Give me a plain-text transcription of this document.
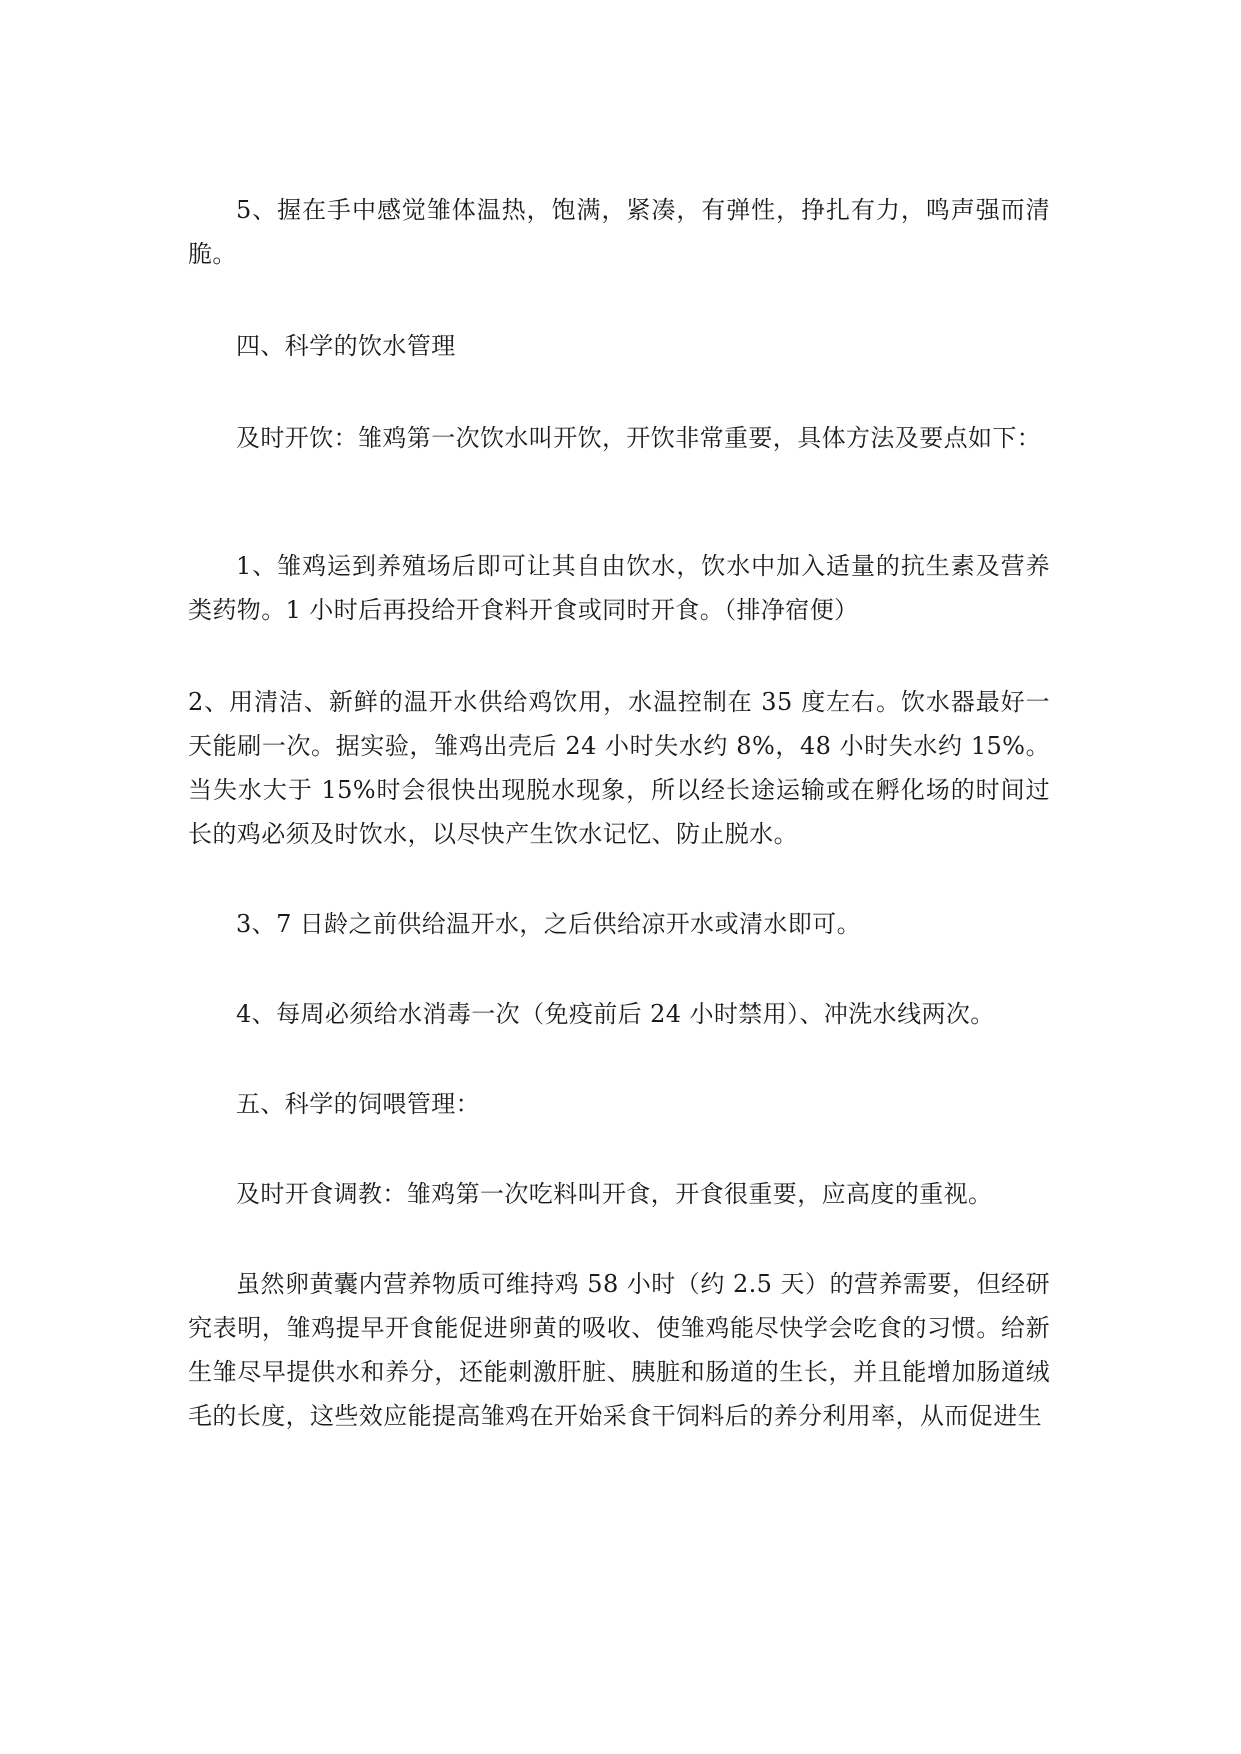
5、握在手中感觉雏体温热，饱满，紧凑，有弹性，挣扎有力，鸣声强而清脆。

四、科学的饮水管理

及时开饮：雏鸡第一次饮水叫开饮，开饮非常重要，具体方法及要点如下：

1、雏鸡运到养殖场后即可让其自由饮水，饮水中加入适量的抗生素及营养类药物。1 小时后再投给开食料开食或同时开食。（排净宿便）

2、用清洁、新鲜的温开水供给鸡饮用，水温控制在 35 度左右。饮水器最好一天能刷一次。据实验，雏鸡出壳后 24 小时失水约 8%，48 小时失水约 15%。当失水大于 15%时会很快出现脱水现象，所以经长途运输或在孵化场的时间过长的鸡必须及时饮水，以尽快产生饮水记忆、防止脱水。

3、7 日龄之前供给温开水，之后供给凉开水或清水即可。

4、每周必须给水消毒一次（免疫前后 24 小时禁用）、冲洗水线两次。

五、科学的饲喂管理：

及时开食调教：雏鸡第一次吃料叫开食，开食很重要，应高度的重视。

虽然卵黄囊内营养物质可维持鸡 58 小时（约 2.5 天）的营养需要，但经研究表明，雏鸡提早开食能促进卵黄的吸收、使雏鸡能尽快学会吃食的习惯。给新生雏尽早提供水和养分，还能刺激肝脏、胰脏和肠道的生长，并且能增加肠道绒毛的长度，这些效应能提高雏鸡在开始采食干饲料后的养分利用率，从而促进生
